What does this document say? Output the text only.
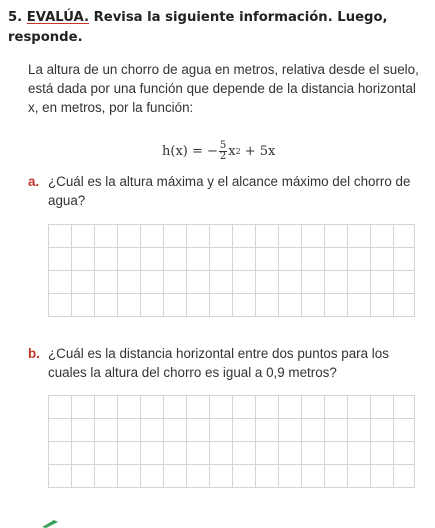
5. EVALÚA. Revisa la siguiente información. Luego, responde.
La altura de un chorro de agua en metros, relativa desde el suelo, está dada por una función que depende de la distancia horizontal x, en metros, por la función:
h(x) = − $\frac{5}{2}$ x 2 + 5x
a. ¿Cuál es la altura máxima y el alcance máximo del chorro de agua?
b. ¿Cuál es la distancia horizontal entre dos puntos para los cuales la altura del chorro es igual a 0,9 metros?
